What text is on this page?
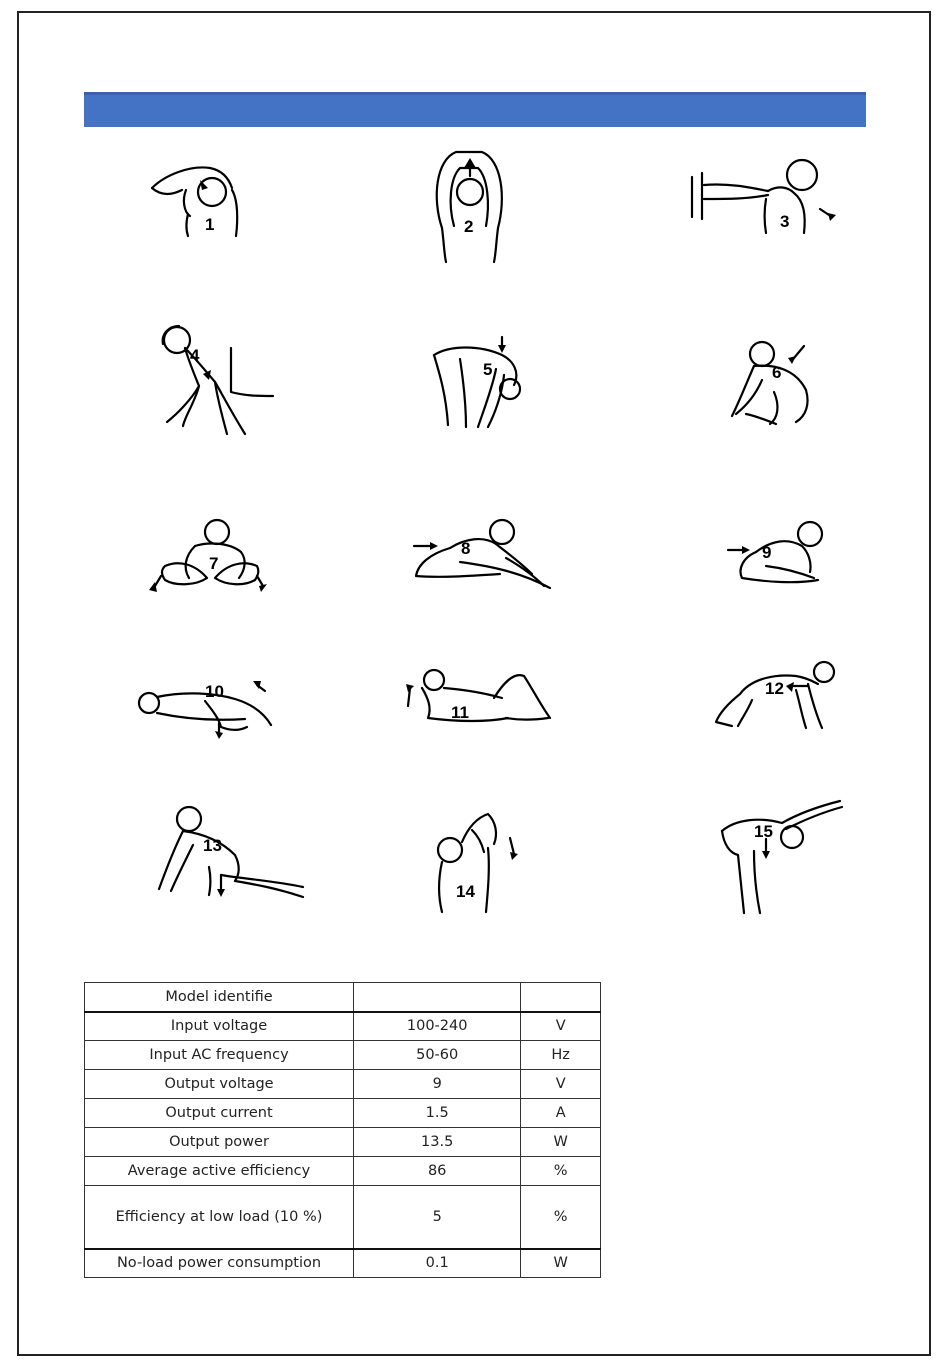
1	2	3
4
5	6
7
8	9
10
11
12
13
14
15
Model identifie		
Input voltage	100-240	V
Input AC frequency	50-60	Hz
Output voltage	9	V
Output current	1.5	A
Output power	13.5	W
Average active efficiency	86	%
Efficiency at low load (10 %)	5	%
No-load power consumption	0.1	W
